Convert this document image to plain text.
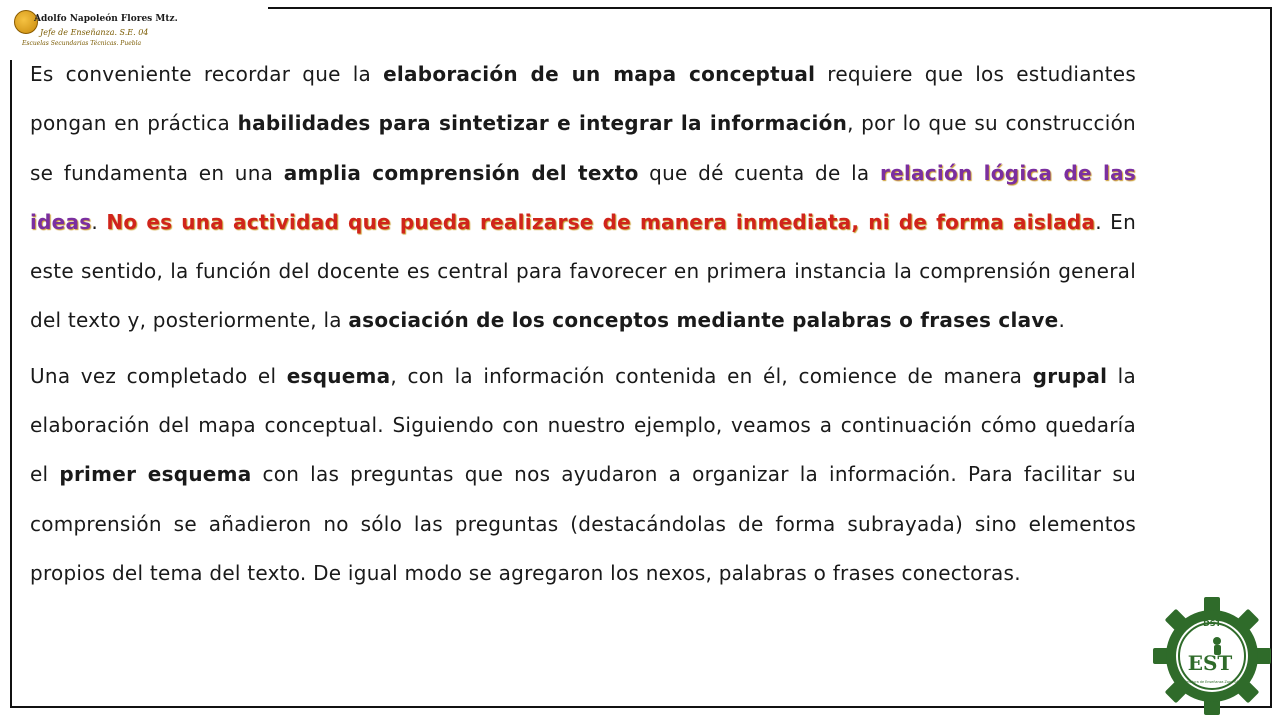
Adolfo Napoleón Flores Mtz.
Jefe de Enseñanza. S.E. 04
Escuelas Secundarias Técnicas. Puebla

Es conveniente recordar que la elaboración de un mapa conceptual requiere que los estudiantes pongan en práctica habilidades para sintetizar e integrar la información, por lo que su construcción se fundamenta en una amplia comprensión del texto que dé cuenta de la relación lógica de las ideas. No es una actividad que pueda realizarse de manera inmediata, ni de forma aislada. En este sentido, la función del docente es central para favorecer en primera instancia la comprensión general del texto y, posteriormente, la asociación de los conceptos mediante palabras o frases clave.

Una vez completado el esquema, con la información contenida en él, comience de manera grupal la elaboración del mapa conceptual. Siguiendo con nuestro ejemplo, veamos a continuación cómo quedaría el primer esquema con las preguntas que nos ayudaron a organizar la información. Para facilitar su comprensión se añadieron no sólo las preguntas (destacándolas de forma subrayada) sino elementos propios del tema del texto. De igual modo se agregaron los nexos, palabras o frases conectoras.

DST
EST
Jefatura de Enseñanza Zona 04
